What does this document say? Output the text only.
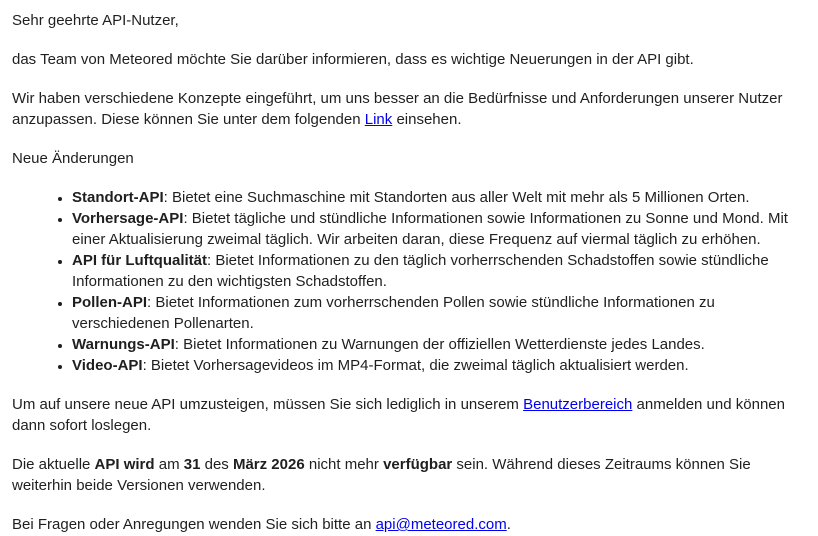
Sehr geehrte API-Nutzer,

das Team von Meteored möchte Sie darüber informieren, dass es wichtige Neuerungen in der API gibt.

Wir haben verschiedene Konzepte eingeführt, um uns besser an die Bedürfnisse und Anforderungen unserer Nutzer anzupassen. Diese können Sie unter dem folgenden Link einsehen.

Neue Änderungen

• Standort-API: Bietet eine Suchmaschine mit Standorten aus aller Welt mit mehr als 5 Millionen Orten.
• Vorhersage-API: Bietet tägliche und stündliche Informationen sowie Informationen zu Sonne und Mond. Mit einer Aktualisierung zweimal täglich. Wir arbeiten daran, diese Frequenz auf viermal täglich zu erhöhen.
• API für Luftqualität: Bietet Informationen zu den täglich vorherrschenden Schadstoffen sowie stündliche Informationen zu den wichtigsten Schadstoffen.
• Pollen-API: Bietet Informationen zum vorherrschenden Pollen sowie stündliche Informationen zu verschiedenen Pollenarten.
• Warnungs-API: Bietet Informationen zu Warnungen der offiziellen Wetterdienste jedes Landes.
• Video-API: Bietet Vorhersagevideos im MP4-Format, die zweimal täglich aktualisiert werden.

Um auf unsere neue API umzusteigen, müssen Sie sich lediglich in unserem Benutzerbereich anmelden und können dann sofort loslegen.

Die aktuelle API wird am 31 des März 2026 nicht mehr verfügbar sein. Während dieses Zeitraums können Sie weiterhin beide Versionen verwenden.

Bei Fragen oder Anregungen wenden Sie sich bitte an api@meteored.com.
